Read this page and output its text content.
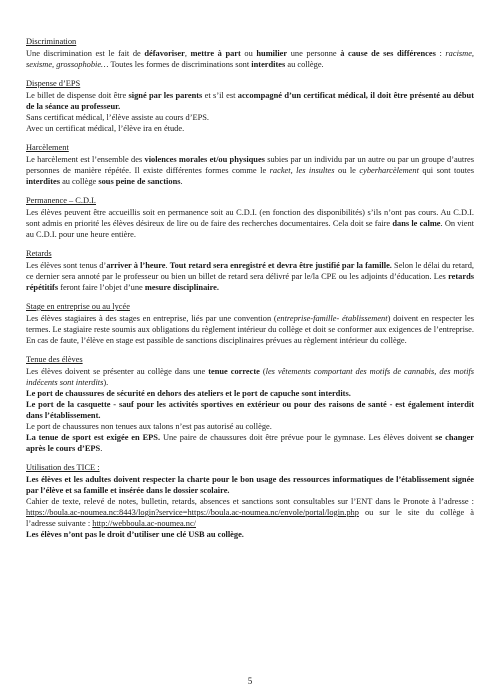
Discrimination

Une discrimination est le fait de défavoriser, mettre à part ou humilier une personne à cause de ses différences : racisme, sexisme, grossophobie… Toutes les formes de discriminations sont interdites au collège.

Dispense d’EPS

Le billet de dispense doit être signé par les parents et s’il est accompagné d’un certificat médical, il doit être présenté au début de la séance au professeur.

Sans certificat médical, l’élève assiste au cours d’EPS.

Avec un certificat médical, l’élève ira en étude.

Harcèlement

Le harcèlement est l’ensemble des violences morales et/ou physiques subies par un individu par un autre ou par un groupe d’autres personnes de manière répétée. Il existe différentes formes comme le racket, les insultes ou le cyberharcèlement qui sont toutes interdites au collège sous peine de sanctions.

Permanence – C.D.I.

Les élèves peuvent être accueillis soit en permanence soit au C.D.I. (en fonction des disponibilités) s’ils n’ont pas cours. Au C.D.I. sont admis en priorité les élèves désireux de lire ou de faire des recherches documentaires. Cela doit se faire dans le calme. On vient au C.D.I. pour une heure entière.

Retards

Les élèves sont tenus d’arriver à l’heure. Tout retard sera enregistré et devra être justifié par la famille. Selon le délai du retard, ce dernier sera annoté par le professeur ou bien un billet de retard sera délivré par le/la CPE ou les adjoints d’éducation. Les retards répétitifs feront faire l’objet d’une mesure disciplinaire.

Stage en entreprise ou au lycée

Les élèves stagiaires à des stages en entreprise, liés par une convention (entreprise-famille- établissement) doivent en respecter les termes. Le stagiaire reste soumis aux obligations du règlement intérieur du collège et doit se conformer aux exigences de l’entreprise. En cas de faute, l’élève en stage est passible de sanctions disciplinaires prévues au règlement intérieur du collège.

Tenue des élèves

Les élèves doivent se présenter au collège dans une tenue correcte (les vêtements comportant des motifs de cannabis, des motifs indécents sont interdits).

Le port de chaussures de sécurité en dehors des ateliers et le port de capuche sont interdits.

Le port de la casquette - sauf pour les activités sportives en extérieur ou pour des raisons de santé - est également interdit dans l’établissement.

Le port de chaussures non tenues aux talons n’est pas autorisé au collège.

La tenue de sport est exigée en EPS. Une paire de chaussures doit être prévue pour le gymnase. Les élèves doivent se changer après le cours d’EPS.

Utilisation des TICE :

Les élèves et les adultes doivent respecter la charte pour le bon usage des ressources informatiques de l’établissement signée par l’élève et sa famille et insérée dans le dossier scolaire.

Cahier de texte, relevé de notes, bulletin, retards, absences et sanctions sont consultables sur l’ENT dans le Pronote à l’adresse : https://boula.ac-noumea.nc:8443/login?service=https://boula.ac-noumea.nc/envole/portal/login.php ou sur le site du collège à l’adresse suivante : http://webboula.ac-noumea.nc/

Les élèves n’ont pas le droit d’utiliser une clé USB au collège.

5
